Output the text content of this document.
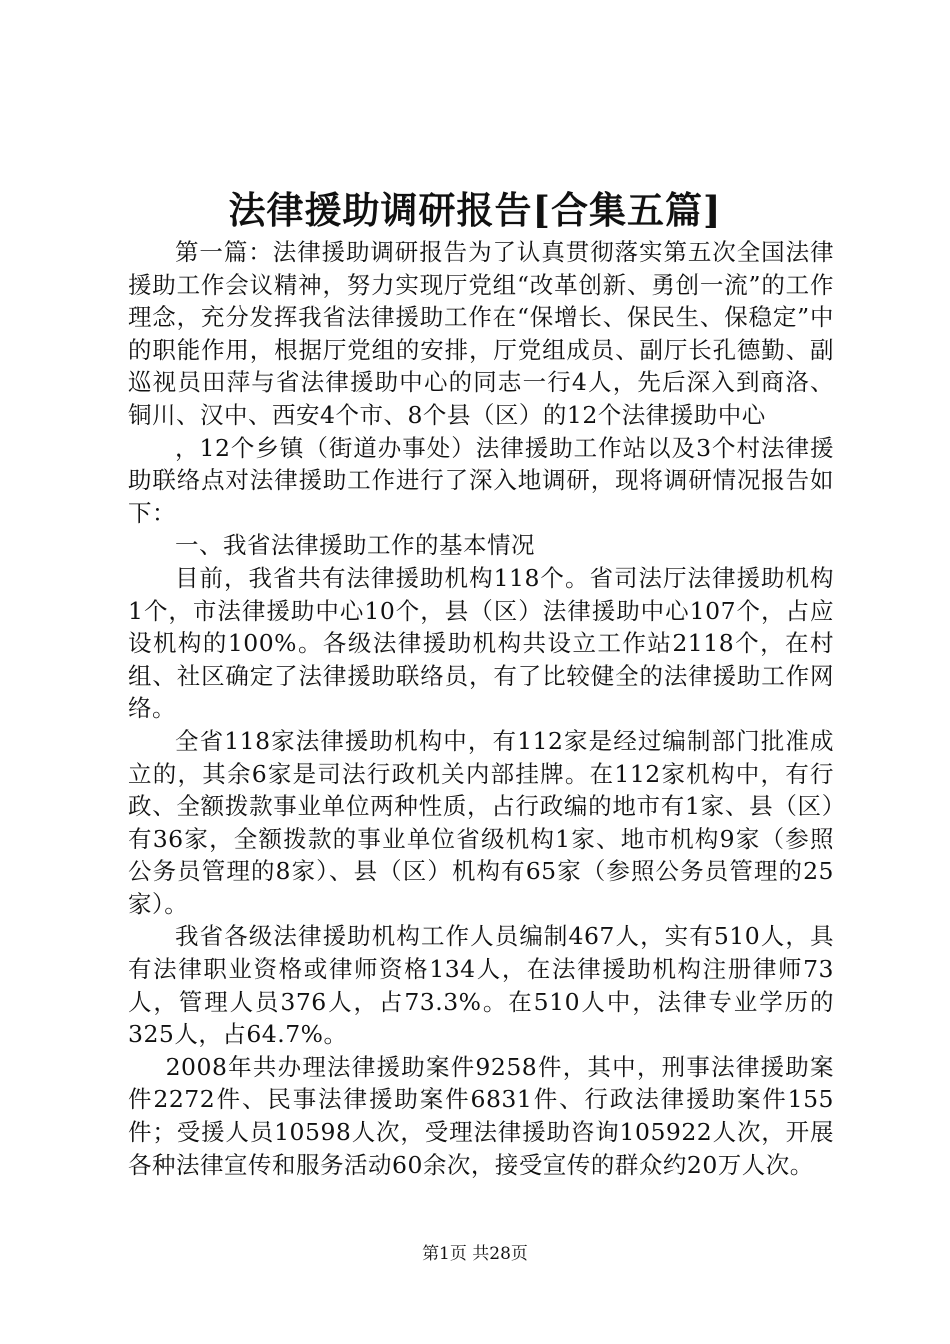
法律援助调研报告[合集五篇]

第一篇：法律援助调研报告为了认真贯彻落实第五次全国法律援助工作会议精神，努力实现厅党组“改革创新、勇创一流”的工作理念，充分发挥我省法律援助工作在“保增长、保民生、保稳定”中的职能作用，根据厅党组的安排，厅党组成员、副厅长孔德勤、副巡视员田萍与省法律援助中心的同志一行4人，先后深入到商洛、铜川、汉中、西安4个市、8个县（区）的12个法律援助中心

，12个乡镇（街道办事处）法律援助工作站以及3个村法律援助联络点对法律援助工作进行了深入地调研，现将调研情况报告如下：

一、我省法律援助工作的基本情况

目前，我省共有法律援助机构118个。省司法厅法律援助机构1个，市法律援助中心10个，县（区）法律援助中心107个，占应设机构的100%。各级法律援助机构共设立工作站2118个，在村组、社区确定了法律援助联络员，有了比较健全的法律援助工作网络。

全省118家法律援助机构中，有112家是经过编制部门批准成立的，其余6家是司法行政机关内部挂牌。在112家机构中，有行政、全额拨款事业单位两种性质，占行政编的地市有1家、县（区）有36家，全额拨款的事业单位省级机构1家、地市机构9家（参照公务员管理的8家）、县（区）机构有65家（参照公务员管理的25家）。

我省各级法律援助机构工作人员编制467人，实有510人，具有法律职业资格或律师资格134人，在法律援助机构注册律师73人，管理人员376人，占73.3%。在510人中，法律专业学历的325人，占64.7%。

2008年共办理法律援助案件9258件，其中，刑事法律援助案件2272件、民事法律援助案件6831件、行政法律援助案件155件；受援人员10598人次，受理法律援助咨询105922人次，开展各种法律宣传和服务活动60余次，接受宣传的群众约20万人次。

第1页 共28页
